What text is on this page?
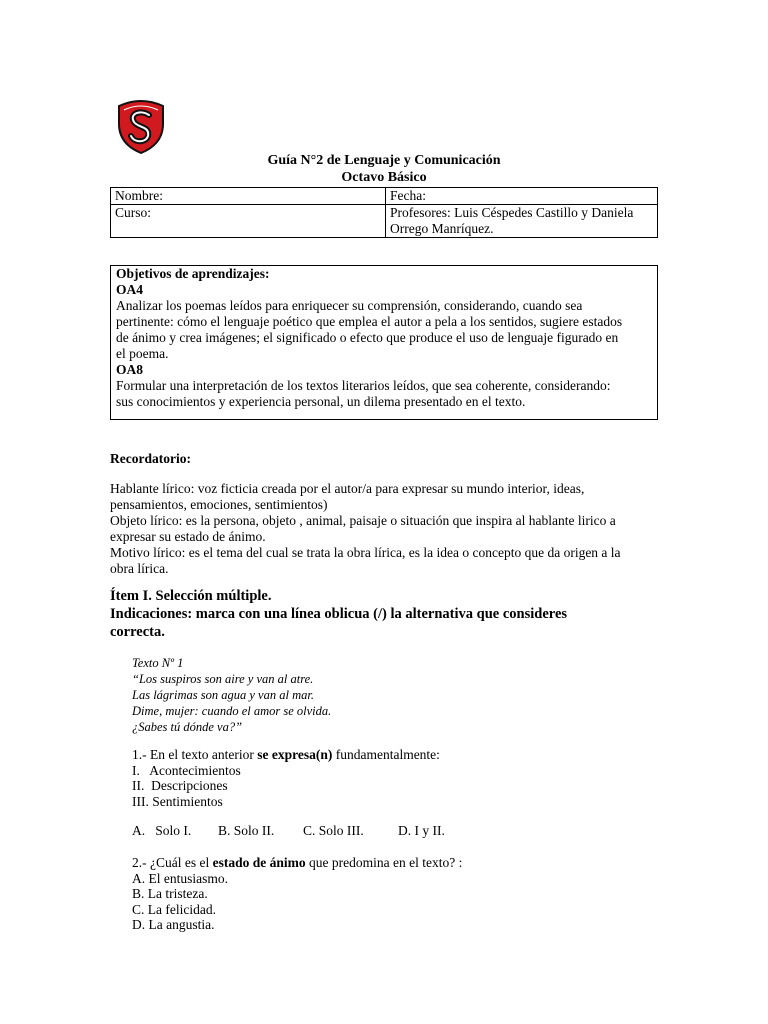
Guía N°2 de Lenguaje y Comunicación
Octavo Básico
Nombre:	Fecha:
Curso:	Profesores: Luis Céspedes Castillo y Daniela
Orrego Manríquez.
Objetivos de aprendizajes:
OA4
Analizar los poemas leídos para enriquecer su comprensión, considerando, cuando sea
pertinente: cómo el lenguaje poético que emplea el autor a pela a los sentidos, sugiere estados
de ánimo y crea imágenes; el significado o efecto que produce el uso de lenguaje figurado en
el poema.
OA8
Formular una interpretación de los textos literarios leídos, que sea coherente, considerando:
sus conocimientos y experiencia personal, un dilema presentado en el texto.
Recordatorio:
Hablante lírico: voz ficticia creada por el autor/a para expresar su mundo interior, ideas,
pensamientos, emociones, sentimientos)
Objeto lírico: es la persona, objeto , animal, paisaje o situación que inspira al hablante lirico a
expresar su estado de ánimo.
Motivo lírico: es el tema del cual se trata la obra lírica, es la idea o concepto que da origen a la
obra lírica.
Ítem I. Selección múltiple.
Indicaciones: marca con una línea oblicua (/) la alternativa que consideres
correcta.
Texto Nº 1
“Los suspiros son aire y van al atre.
Las lágrimas son agua y van al mar.
Dime, mujer: cuando el amor se olvida.
¿Sabes tú dónde va?”
1.- En el texto anterior se expresa(n) fundamentalmente:
I.   Acontecimientos
II.  Descripciones
III. Sentimientos
A.   Solo I. B. Solo II. C. Solo III.	D. I y II.
2.- ¿Cuál es el estado de ánimo que predomina en el texto? :
A. El entusiasmo.
B. La tristeza.
C. La felicidad.
D. La angustia.
